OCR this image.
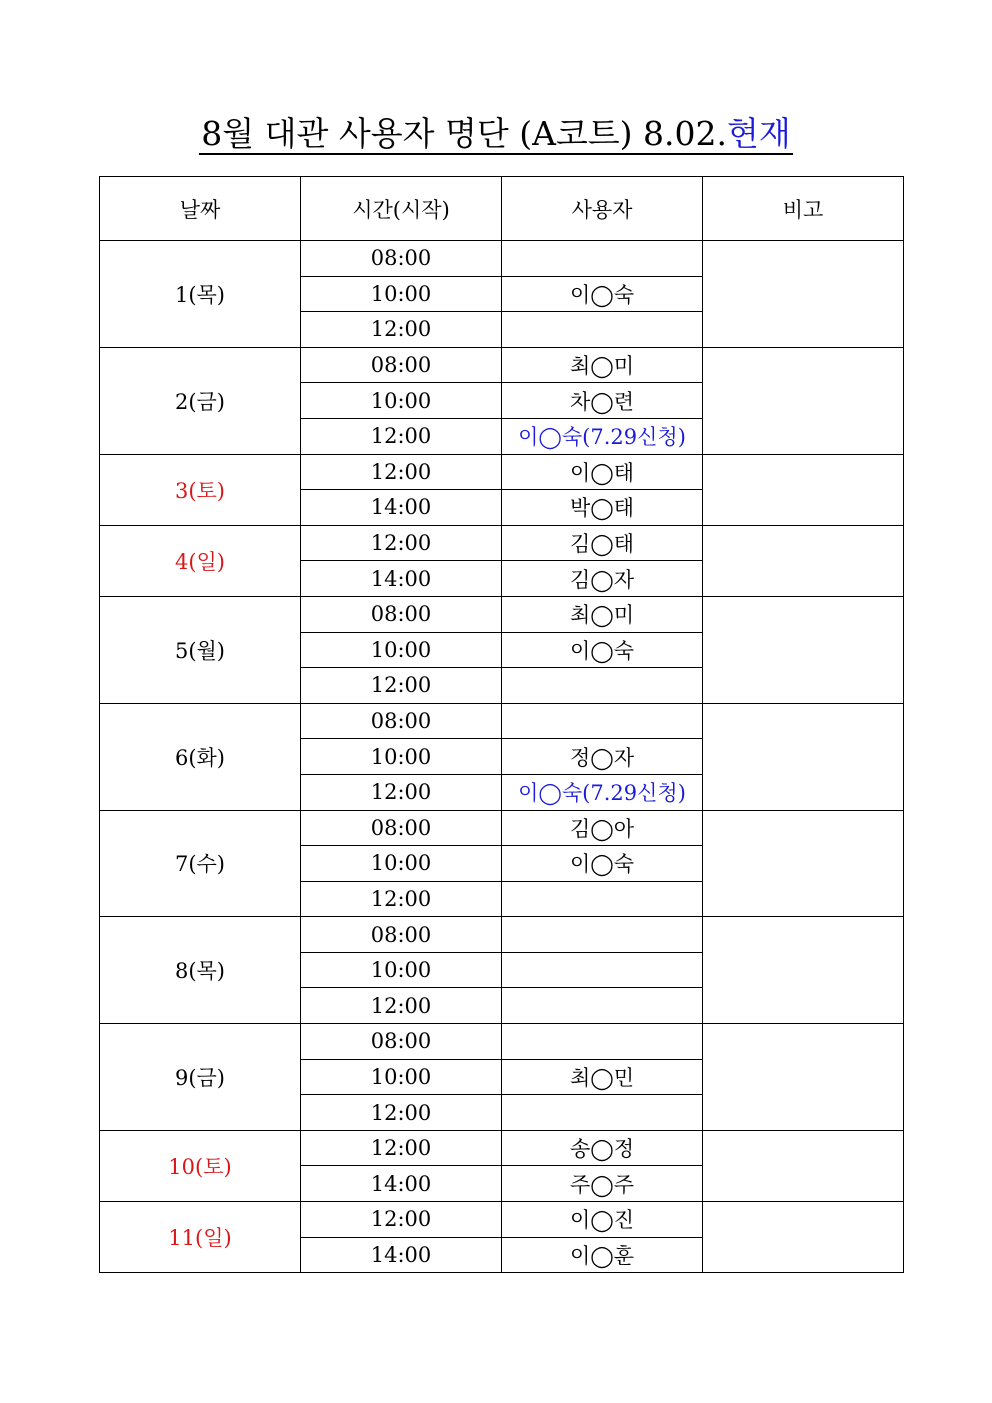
8월 대관 사용자 명단 (A코트) 8.02.현재
날짜	시간(시작)	사용자	비고
1(목)	08:00		
	10:00	이◯숙	
	12:00		
2(금)	08:00	최◯미	
	10:00	차◯련	
	12:00	이◯숙(7.29신청)	
3(토)	12:00	이◯태	
	14:00	박◯태	
4(일)	12:00	김◯태	
	14:00	김◯자	
5(월)	08:00	최◯미	
	10:00	이◯숙	
	12:00		
6(화)	08:00		
	10:00	정◯자	
	12:00	이◯숙(7.29신청)	
7(수)	08:00	김◯아	
	10:00	이◯숙	
	12:00		
8(목)	08:00		
	10:00		
	12:00		
9(금)	08:00		
	10:00	최◯민	
	12:00		
10(토)	12:00	송◯정	
	14:00	주◯주	
11(일)	12:00	이◯진	
	14:00	이◯훈	
